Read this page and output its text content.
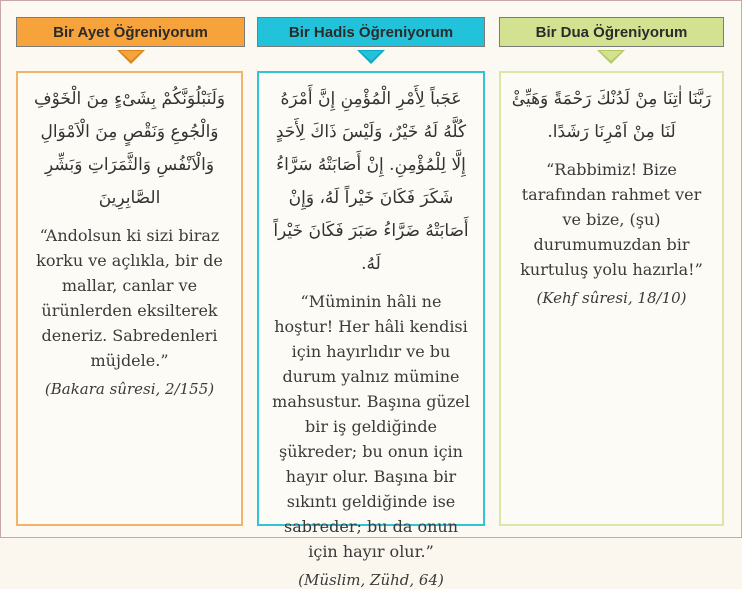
Bir Ayet Öğreniyorum	Bir Hadis Öğreniyorum	Bir Dua Öğreniyorum
وَلَنَبْلُوَنَّكُمْ بِشَیْءٍ مِنَ الْخَوْفِ وَالْجُوعِ وَنَقْصٍ مِنَ الْاَمْوَالِ وَالْاَنْفُسِ وَالثَّمَرَاتِ وَبَشِّرِ الصَّابِرِینَ
“Andolsun ki sizi biraz korku ve açlıkla, bir de mallar, canlar ve ürünlerden eksilterek deneriz. Sabredenleri müjdele.”
(Bakara sûresi, 2/155)
عَجَباً لِأَمْرِ الْمُؤْمِنِ إِنَّ أَمْرَهُ كُلَّهُ لَهُ خَيْرٌ، وَلَيْسَ ذَاكَ لِأَحَدٍ إِلَّا لِلْمُؤْمِنِ. إِنْ أَصَابَتْهُ سَرَّاءُ شَكَرَ فَكَانَ خَيْراً لَهُ، وَإِنْ أَصَابَتْهُ ضَرَّاءُ صَبَرَ فَكَانَ خَيْراً لَهُ.
“Müminin hâli ne hoştur! Her hâli kendisi için hayırlıdır ve bu durum yalnız mümine mahsustur. Başına güzel bir iş geldiğinde şükreder; bu onun için hayır olur. Başına bir sıkıntı geldiğinde ise sabreder; bu da onun için hayır olur.”
(Müslim, Zühd, 64)
رَبَّنَا اٰتِنَا مِنْ لَدُنْكَ رَحْمَةً وَهَيِّئْ لَنَا مِنْ اَمْرِنَا رَشَدًا.
“Rabbimiz! Bize tarafından rahmet ver ve bize, (şu) durumumuzdan bir kurtuluş yolu hazırla!”
(Kehf sûresi, 18/10)
